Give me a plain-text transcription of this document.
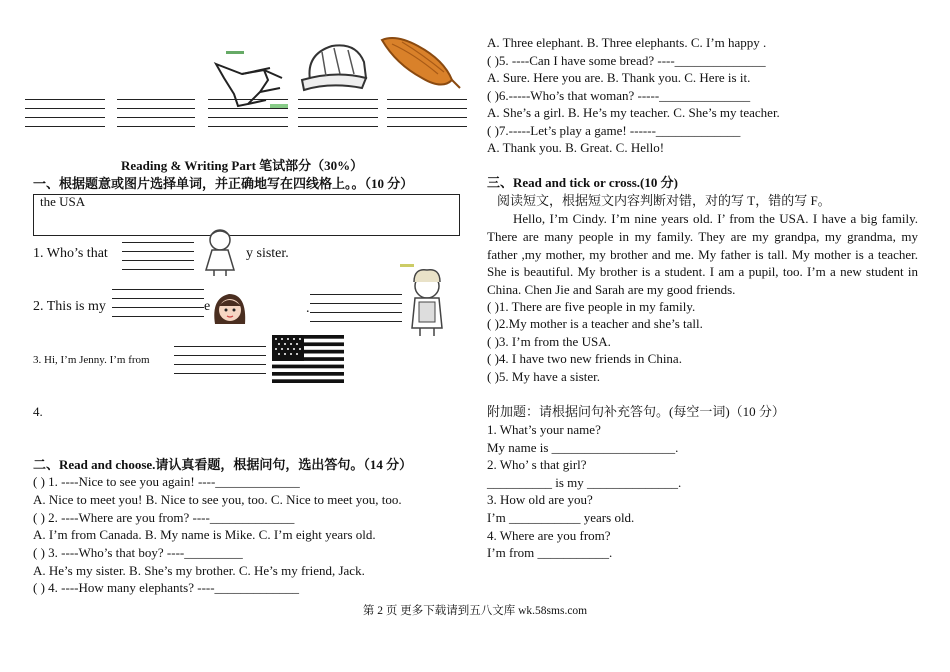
Reading & Writing Part 笔试部分（30%）
一、根据题意或图片选择单词，并正确地写在四线格上。。（10 分）
the USA
1. Who’s that	y sister.
2. This is my	e	.
3. Hi, I’m Jenny. I’m from
4.
二、Read and choose.请认真看题，根据问句，选出答句。（14 分）
( ) 1. ----Nice to see you again! ----_____________
A. Nice to meet you! B. Nice to see you, too. C. Nice to meet you, too.
( ) 2. ----Where are you from? ----_____________
A. I’m from Canada. B. My name is Mike. C. I’m eight years old.
( ) 3. ----Who’s that boy? ----_________
A. He’s my sister. B. She’s my brother. C. He’s my friend, Jack.
( ) 4. ----How many elephants? ----_____________
A. Three elephant. B. Three elephants. C. I’m happy .
( )5. ----Can I have some bread? ----______________
A. Sure. Here you are. B. Thank you. C. Here is it.
( )6.-----Who’s that woman? -----______________
A. She’s a girl. B. He’s my teacher. C. She’s my teacher.
( )7.-----Let’s play a game! ------_____________
A. Thank you. B. Great. C. Hello!
三、Read and tick or cross.(10 分)
阅读短文，根据短文内容判断对错，对的写 T，错的写 F。
Hello, I’m Cindy. I’m nine years old. I’ from the USA. I have a big family. There are many people in my family. They are my grandpa, my grandma, my father ,my mother, my brother and me. My father is tall. My mother is a teacher. She is beautiful. My brother is a student. I am a pupil, too. I’m a new student in China. Chen Jie and Sarah are my good friends.
( )1. There are five people in my family.
( )2.My mother is a teacher and she’s tall.
( )3. I’m from the USA.
( )4. I have two new friends in China.
( )5. My have a sister.
附加题：请根据问句补充答句。(每空一词)（10 分）
1. What’s your name?
My name is ___________________.
2. Who’ s that girl?
__________ is my ______________.
3. How old are you?
I’m ___________ years old.
4. Where are you from?
I’m from ___________.
第 2 页 更多下载请到五八文库 wk.58sms.com
